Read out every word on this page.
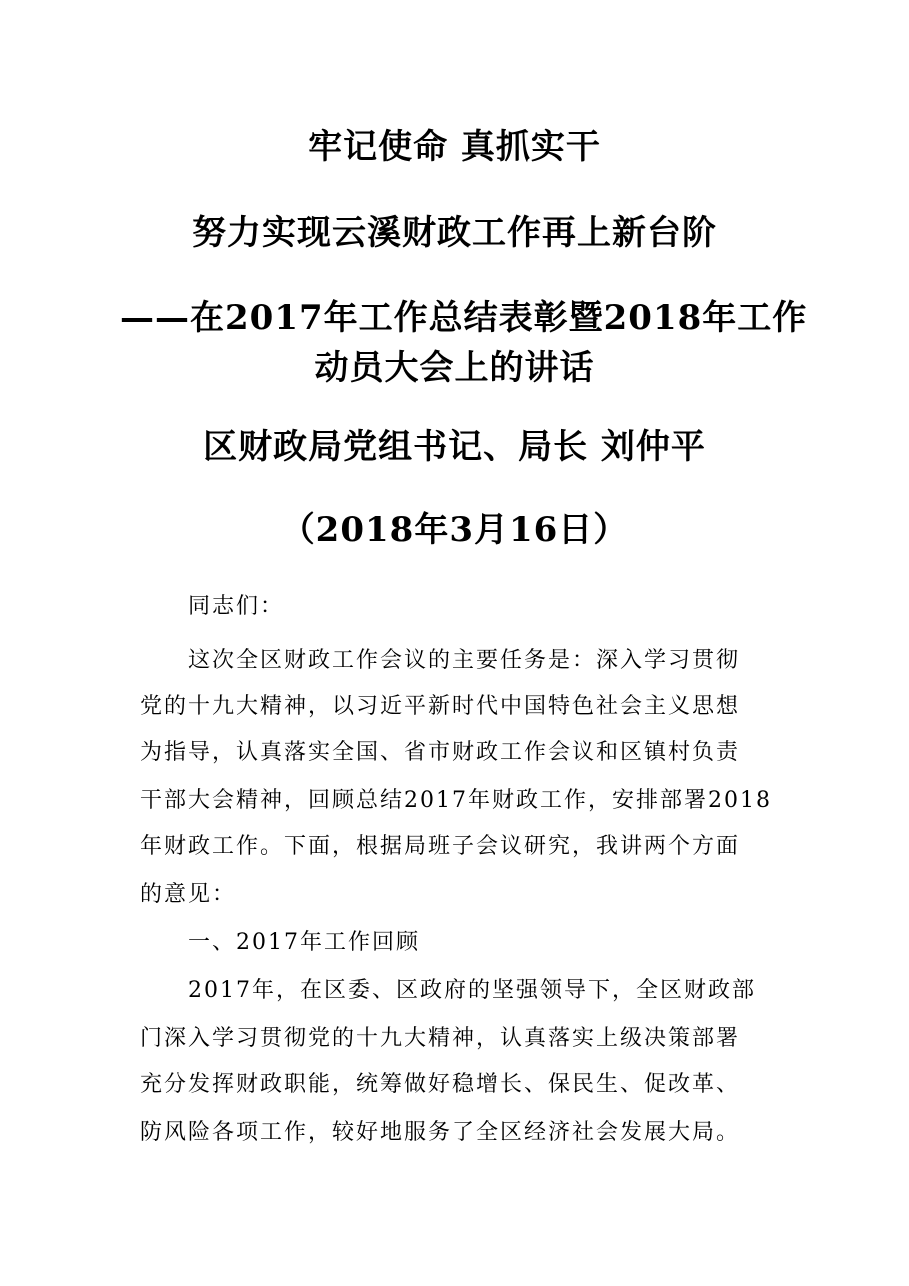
牢记使命 真抓实干
努力实现云溪财政工作再上新台阶
——在2017年工作总结表彰暨2018年工作
动员大会上的讲话
区财政局党组书记、局长 刘仲平
（2018年3月16日）
同志们：
这次全区财政工作会议的主要任务是：深入学习贯彻
党的十九大精神，以习近平新时代中国特色社会主义思想
为指导，认真落实全国、省市财政工作会议和区镇村负责
干部大会精神，回顾总结2017年财政工作，安排部署2018
年财政工作。下面，根据局班子会议研究，我讲两个方面
的意见：
一、2017年工作回顾
2017年，在区委、区政府的坚强领导下，全区财政部
门深入学习贯彻党的十九大精神，认真落实上级决策部署
充分发挥财政职能，统筹做好稳增长、保民生、促改革、
防风险各项工作，较好地服务了全区经济社会发展大局。
